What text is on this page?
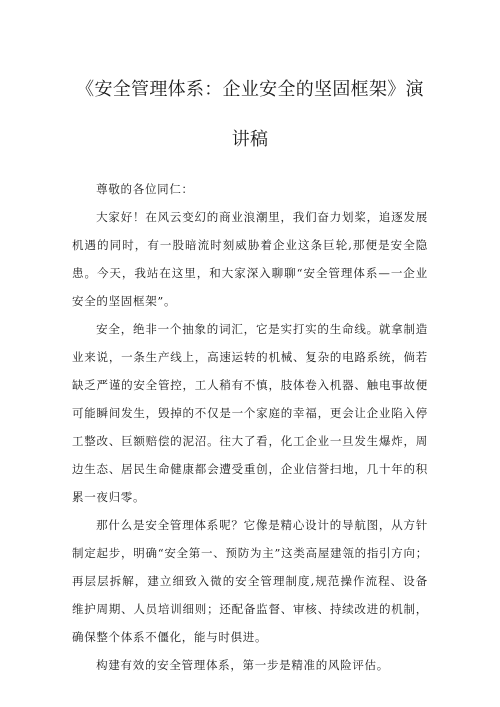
《安全管理体系：企业安全的坚固框架》演
讲稿

尊敬的各位同仁：

大家好！在风云变幻的商业浪潮里，我们奋力划桨，追逐发展机遇的同时，有一股暗流时刻威胁着企业这条巨轮,那便是安全隐患。今天，我站在这里，和大家深入聊聊“安全管理体系—一企业安全的坚固框架”。

安全，绝非一个抽象的词汇，它是实打实的生命线。就拿制造业来说，一条生产线上，高速运转的机械、复杂的电路系统，倘若缺乏严谨的安全管控，工人稍有不慎，肢体卷入机器、触电事故便可能瞬间发生，毁掉的不仅是一个家庭的幸福，更会让企业陷入停工整改、巨额赔偿的泥沼。往大了看，化工企业一旦发生爆炸，周边生态、居民生命健康都会遭受重创，企业信誉扫地，几十年的积累一夜归零。

那什么是安全管理体系呢？它像是精心设计的导航图，从方针制定起步，明确“安全第一、预防为主”这类高屋建瓴的指引方向；再层层拆解，建立细致入微的安全管理制度,规范操作流程、设备维护周期、人员培训细则；还配备监督、审核、持续改进的机制，确保整个体系不僵化，能与时俱进。

构建有效的安全管理体系，第一步是精准的风险评估。
